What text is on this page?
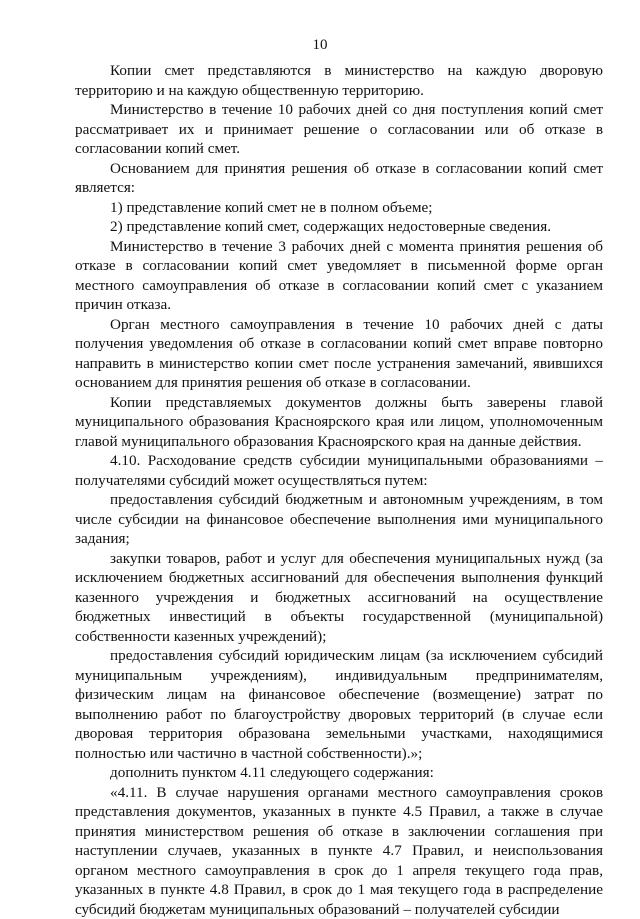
10

Копии смет представляются в министерство на каждую дворовую территорию и на каждую общественную территорию.

Министерство в течение 10 рабочих дней со дня поступления копий смет рассматривает их и принимает решение о согласовании или об отказе в согласовании копий смет.

Основанием для принятия решения об отказе в согласовании копий смет является:

1) представление копий смет не в полном объеме;

2) представление копий смет, содержащих недостоверные сведения.

Министерство в течение 3 рабочих дней с момента принятия решения об отказе в согласовании копий смет уведомляет в письменной форме орган местного самоуправления об отказе в согласовании копий смет с указанием причин отказа.

Орган местного самоуправления в течение 10 рабочих дней с даты получения уведомления об отказе в согласовании копий смет вправе повторно направить в министерство копии смет после устранения замечаний, явившихся основанием для принятия решения об отказе в согласовании.

Копии представляемых документов должны быть заверены главой муниципального образования Красноярского края или лицом, уполномоченным главой муниципального образования Красноярского края на данные действия.

4.10. Расходование средств субсидии муниципальными образованиями – получателями субсидий может осуществляться путем:

предоставления субсидий бюджетным и автономным учреждениям, в том числе субсидии на финансовое обеспечение выполнения ими муниципального задания;

закупки товаров, работ и услуг для обеспечения муниципальных нужд (за исключением бюджетных ассигнований для обеспечения выполнения функций казенного учреждения и бюджетных ассигнований на осуществление бюджетных инвестиций в объекты государственной (муниципальной) собственности казенных учреждений);

предоставления субсидий юридическим лицам (за исключением субсидий муниципальным учреждениям), индивидуальным предпринимателям, физическим лицам на финансовое обеспечение (возмещение) затрат по выполнению работ по благоустройству дворовых территорий (в случае если дворовая территория образована земельными участками, находящимися полностью или частично в частной собственности).»;

дополнить пунктом 4.11 следующего содержания:

«4.11. В случае нарушения органами местного самоуправления сроков представления документов, указанных в пункте 4.5 Правил, а также в случае принятия министерством решения об отказе в заключении соглашения при наступлении случаев, указанных в пункте 4.7 Правил, и неиспользования органом местного самоуправления в срок до 1 апреля текущего года прав, указанных в пункте 4.8 Правил, в срок до 1 мая текущего года в распределение субсидий бюджетам муниципальных образований – получателей субсидии
